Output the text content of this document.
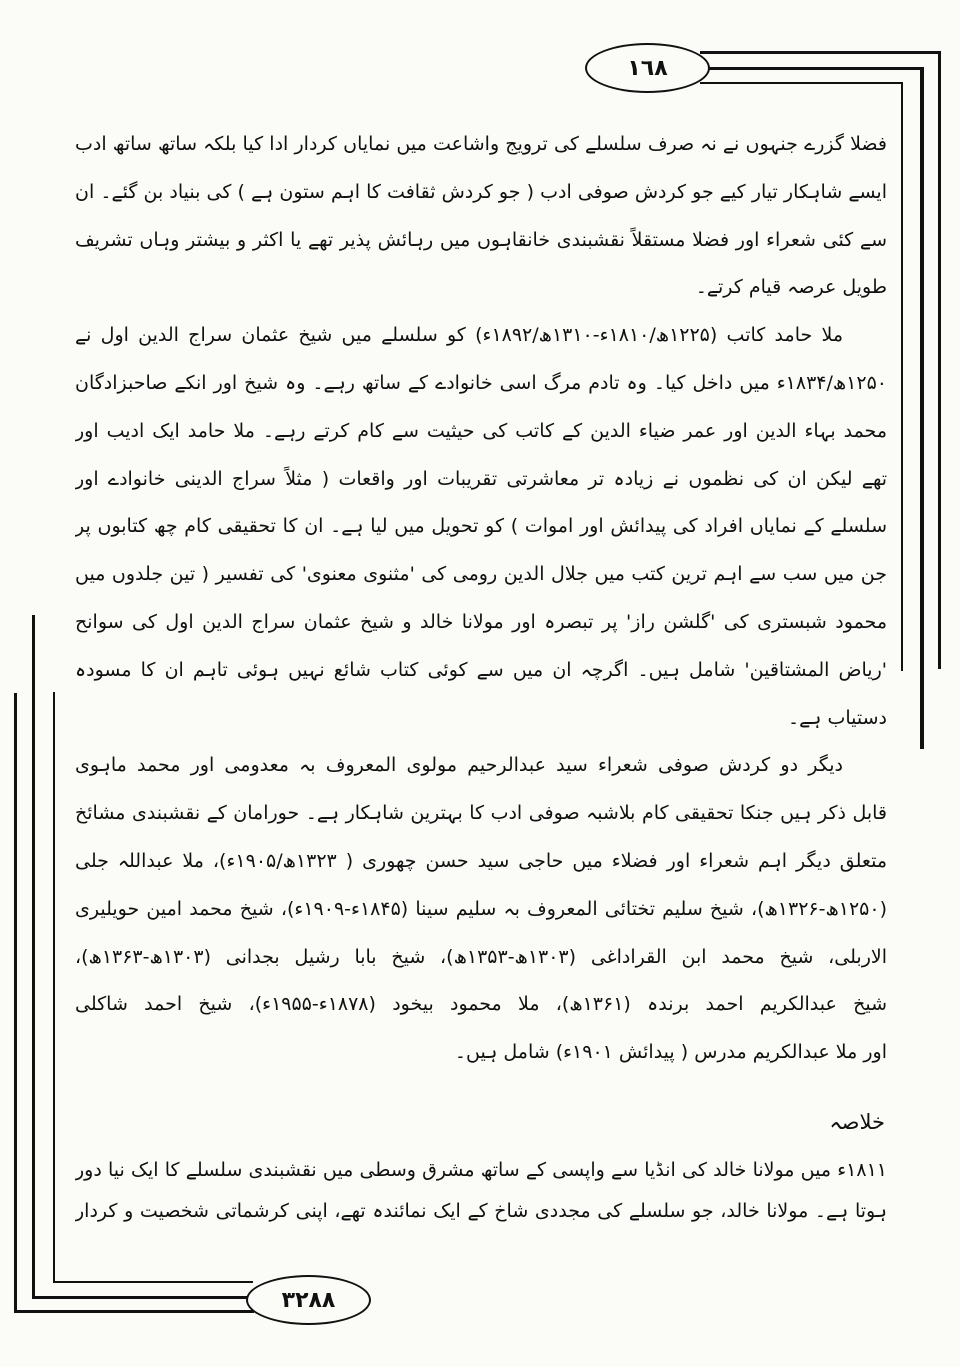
١٦٨
٣٢٨٨
فضلا گزرے جنہوں نے نہ صرف سلسلے کی ترویج واشاعت میں نمایاں کردار ادا کیا بلکہ ساتھ ساتھ ادب
ایسے شاہکار تیار کیے جو کردش صوفی ادب ( جو کردش ثقافت کا اہم ستون ہے ) کی بنیاد بن گئے۔ ان
سے کئی شعراء اور فضلا مستقلاً نقشبندی خانقاہوں میں رہائش پذیر تھے یا اکثر و بیشتر وہاں تشریف
طویل عرصہ قیام کرتے۔
ملا حامد کاتب (۱۲۲۵ھ/۱۸۱۰ء-۱۳۱۰ھ/۱۸۹۲ء) کو سلسلے میں شیخ عثمان سراج الدین اول نے
۱۲۵۰ھ/۱۸۳۴ء میں داخل کیا۔ وہ تادم مرگ اسی خانوادے کے ساتھ رہے۔ وہ شیخ اور انکے صاحبزادگان
محمد بہاء الدین اور عمر ضیاء الدین کے کاتب کی حیثیت سے کام کرتے رہے۔ ملا حامد ایک ادیب اور
تھے لیکن ان کی نظموں نے زیادہ تر معاشرتی تقریبات اور واقعات ( مثلاً سراج الدینی خانوادے اور
سلسلے کے نمایاں افراد کی پیدائش اور اموات ) کو تحویل میں لیا ہے۔ ان کا تحقیقی کام چھ کتابوں پر
جن میں سب سے اہم ترین کتب میں جلال الدین رومی کی 'مثنوی معنوی' کی تفسیر ( تین جلدوں میں
محمود شبستری کی 'گلشن راز' پر تبصرہ اور مولانا خالد و شیخ عثمان سراج الدین اول کی سوانح
'ریاض المشتاقین' شامل ہیں۔ اگرچہ ان میں سے کوئی کتاب شائع نہیں ہوئی تاہم ان کا مسودہ
دستیاب ہے۔
دیگر دو کردش صوفی شعراء سید عبدالرحیم مولوی المعروف بہ معدومی اور محمد ماہوی
قابل ذکر ہیں جنکا تحقیقی کام بلاشبہ صوفی ادب کا بہترین شاہکار ہے۔ حورامان کے نقشبندی مشائخ
متعلق دیگر اہم شعراء اور فضلاء میں حاجی سید حسن چھوری ( ۱۳۲۳ھ/۱۹۰۵ء)، ملا عبداللہ جلی
(۱۲۵۰ھ-۱۳۲۶ھ)، شیخ سلیم تختائی المعروف بہ سلیم سینا (۱۸۴۵ء-۱۹۰۹ء)، شیخ محمد امین حویلیری
الاربلی، شیخ محمد ابن القراداغی (۱۳۰۳ھ-۱۳۵۳ھ)، شیخ بابا رشیل بجدانی (۱۳۰۳ھ-۱۳۶۳ھ)،
شیخ عبدالکریم احمد برندہ (۱۳۶۱ھ)، ملا محمود بیخود (۱۸۷۸ء-۱۹۵۵ء)، شیخ احمد شاکلی
اور ملا عبدالکریم مدرس ( پیدائش ۱۹۰۱ء) شامل ہیں۔
خلاصہ
۱۸۱۱ء میں مولانا خالد کی انڈیا سے واپسی کے ساتھ مشرق وسطی میں نقشبندی سلسلے کا ایک نیا دور
ہوتا ہے۔ مولانا خالد، جو سلسلے کی مجددی شاخ کے ایک نمائندہ تھے، اپنی کرشماتی شخصیت و کردار
